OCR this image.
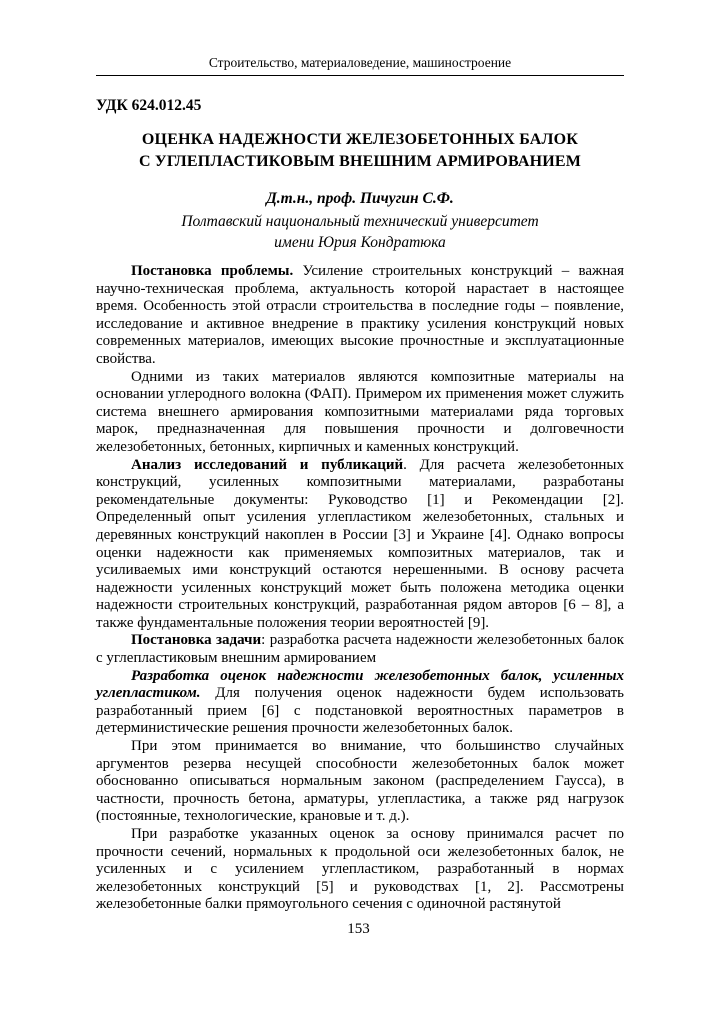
Строительство, материаловедение, машиностроение
УДК 624.012.45
ОЦЕНКА НАДЕЖНОСТИ ЖЕЛЕЗОБЕТОННЫХ БАЛОК
С УГЛЕПЛАСТИКОВЫМ ВНЕШНИМ АРМИРОВАНИЕМ
Д.т.н., проф. Пичугин С.Ф.
Полтавский национальный технический университет
имени Юрия Кондратюка

Постановка проблемы. Усиление строительных конструкций – важная научно-техническая проблема, актуальность которой нарастает в настоящее время. Особенность этой отрасли строительства в последние годы – появление, исследование и активное внедрение в практику усиления конструкций новых современных материалов, имеющих высокие прочностные и эксплуатационные свойства.

Одними из таких материалов являются композитные материалы на основании углеродного волокна (ФАП). Примером их применения может служить система внешнего армирования композитными материалами ряда торговых марок, предназначенная для повышения прочности и долговечности железобетонных, бетонных, кирпичных и каменных конструкций.

Анализ исследований и публикаций. Для расчета железобетонных конструкций, усиленных композитными материалами, разработаны рекомендательные документы: Руководство [1] и Рекомендации [2]. Определенный опыт усиления углепластиком железобетонных, стальных и деревянных конструкций накоплен в России [3] и Украине [4]. Однако вопросы оценки надежности как применяемых композитных материалов, так и усиливаемых ими конструкций остаются нерешенными. В основу расчета надежности усиленных конструкций может быть положена методика оценки надежности строительных конструкций, разработанная рядом авторов [6 – 8], а также фундаментальные положения теории вероятностей [9].

Постановка задачи: разработка расчета надежности железобетонных балок с углепластиковым внешним армированием

Разработка оценок надежности железобетонных балок, усиленных углепластиком. Для получения оценок надежности будем использовать разработанный прием [6] с подстановкой вероятностных параметров в детерминистические решения прочности железобетонных балок.

При этом принимается во внимание, что большинство случайных аргументов резерва несущей способности железобетонных балок может обоснованно описываться нормальным законом (распределением Гаусса), в частности, прочность бетона, арматуры, углепластика, а также ряд нагрузок (постоянные, технологические, крановые и т. д.).

При разработке указанных оценок за основу принимался расчет по прочности сечений, нормальных к продольной оси железобетонных балок, не усиленных и с усилением углепластиком, разработанный в нормах железобетонных конструкций [5] и руководствах [1, 2]. Рассмотрены железобетонные балки прямоугольного сечения с одиночной растянутой

153
